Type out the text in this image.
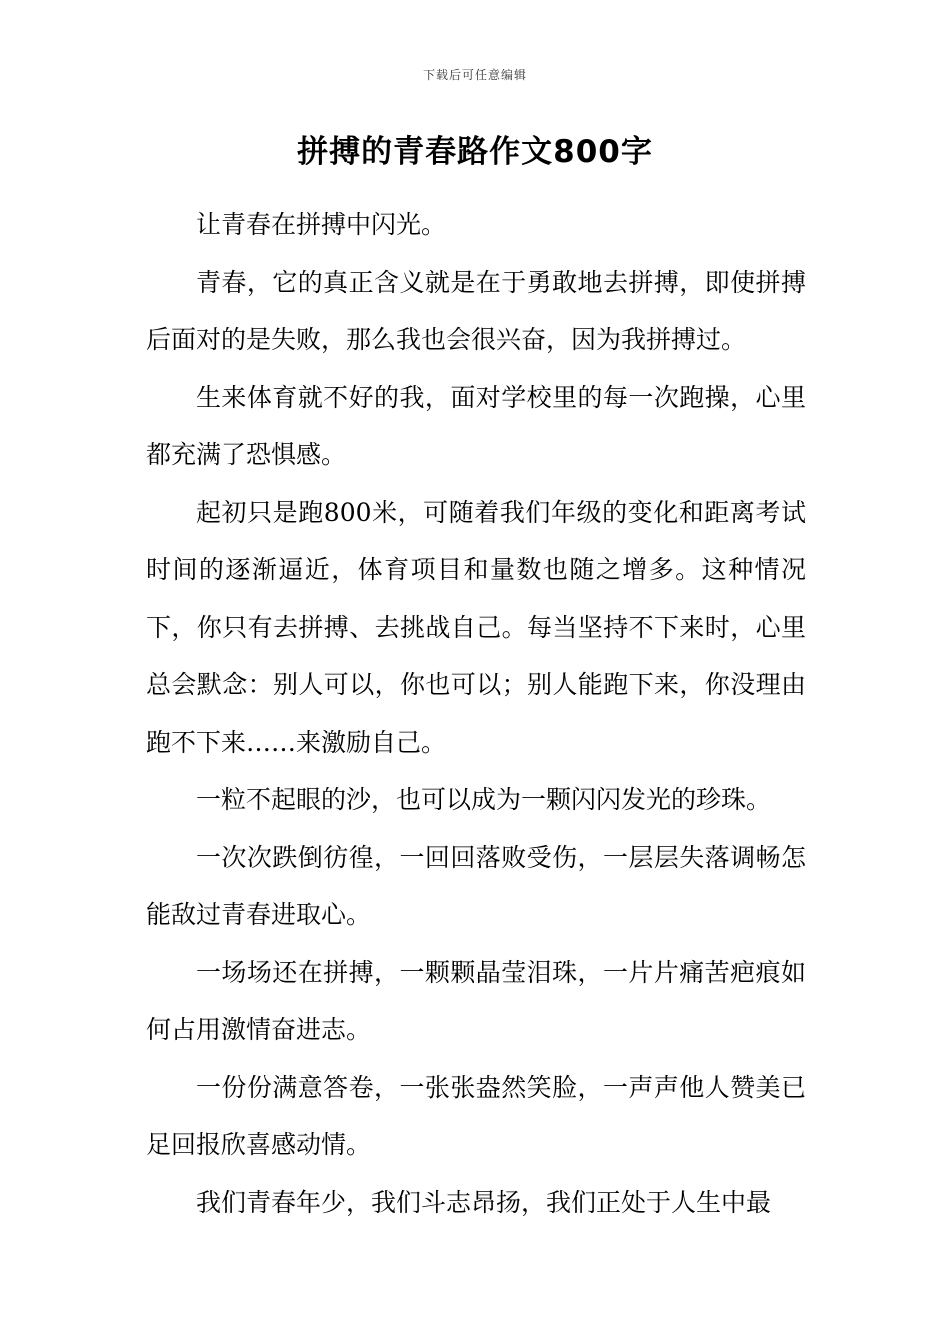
下载后可任意编辑
拼搏的青春路作文800字

让青春在拼搏中闪光。

青春，它的真正含义就是在于勇敢地去拼搏，即使拼搏后面对的是失败，那么我也会很兴奋，因为我拼搏过。

生来体育就不好的我，面对学校里的每一次跑操，心里都充满了恐惧感。

起初只是跑800米，可随着我们年级的变化和距离考试时间的逐渐逼近，体育项目和量数也随之增多。这种情况下，你只有去拼搏、去挑战自己。每当坚持不下来时，心里总会默念：别人可以，你也可以；别人能跑下来，你没理由跑不下来……来激励自己。

一粒不起眼的沙，也可以成为一颗闪闪发光的珍珠。

一次次跌倒彷徨，一回回落败受伤，一层层失落调畅怎能敌过青春进取心。

一场场还在拼搏，一颗颗晶莹泪珠，一片片痛苦疤痕如何占用激情奋进志。

一份份满意答卷，一张张盎然笑脸，一声声他人赞美已足回报欣喜感动情。

我们青春年少，我们斗志昂扬，我们正处于人生中最
